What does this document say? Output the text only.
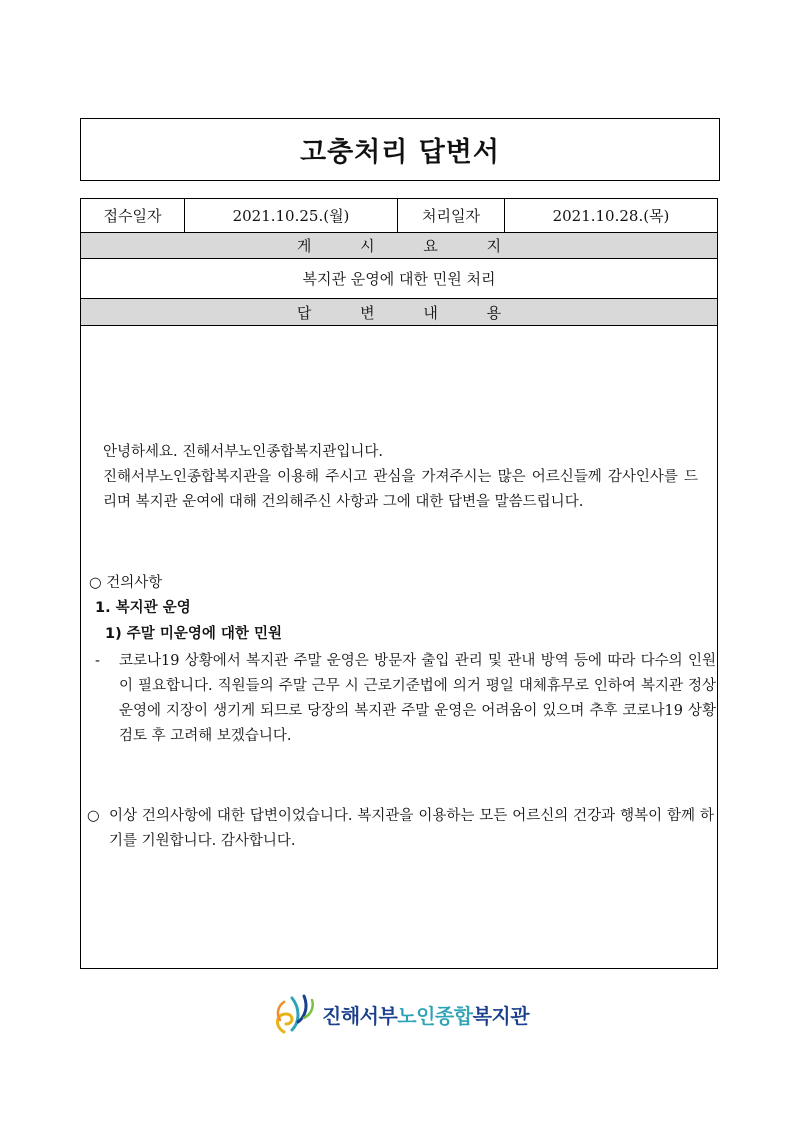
고충처리 답변서
접수일자	2021.10.25.(월)	처리일자	2021.10.28.(목)
게 시 요 지
복지관 운영에 대한 민원 처리
답 변 내 용

안녕하세요. 진해서부노인종합복지관입니다.

진해서부노인종합복지관을 이용해 주시고 관심을 가져주시는 많은 어르신들께 감사인사를 드리며 복지관 운여에 대해 건의해주신 사항과 그에 대한 답변을 말씀드립니다.

○ 건의사항

1. 복지관 운영

1) 주말 미운영에 대한 민원

- 코로나19 상황에서 복지관 주말 운영은 방문자 출입 관리 및 관내 방역 등에 따라 다수의 인원이 필요합니다. 직원들의 주말 근무 시 근로기준법에 의거 평일 대체휴무로 인하여 복지관 정상 운영에 지장이 생기게 되므로 당장의 복지관 주말 운영은 어려움이 있으며 추후 코로나19 상황 검토 후 고려해 보겠습니다.

○ 이상 건의사항에 대한 답변이었습니다. 복지관을 이용하는 모든 어르신의 건강과 행복이 함께 하기를 기원합니다. 감사합니다.

진해서부노인종합복지관
